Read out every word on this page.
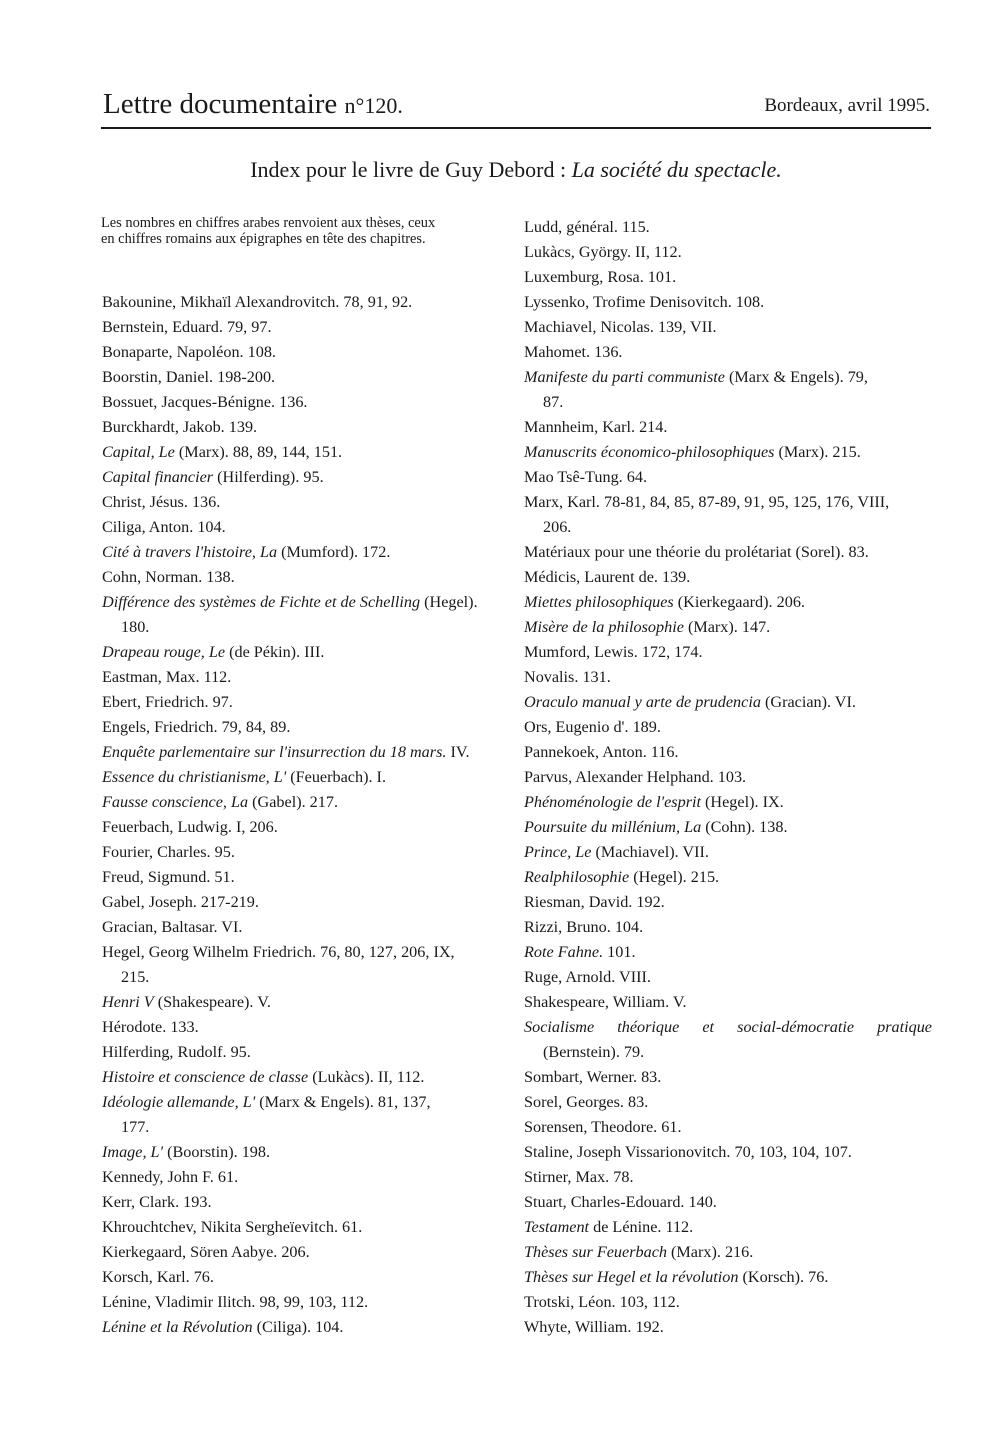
Lettre documentaire n°120.	Bordeaux, avril 1995.
Index pour le livre de Guy Debord : La société du spectacle.
Les nombres en chiffres arabes renvoient aux thèses, ceux
en chiffres romains aux épigraphes en tête des chapitres.
Bakounine, Mikhaïl Alexandrovitch. 78, 91, 92.
Bernstein, Eduard. 79, 97.
Bonaparte, Napoléon. 108.
Boorstin, Daniel. 198-200.
Bossuet, Jacques-Bénigne. 136.
Burckhardt, Jakob. 139.
Capital, Le (Marx). 88, 89, 144, 151.
Capital financier (Hilferding). 95.
Christ, Jésus. 136.
Ciliga, Anton. 104.
Cité à travers l'histoire, La (Mumford). 172.
Cohn, Norman. 138.
Différence des systèmes de Fichte et de Schelling (Hegel).
180.
Drapeau rouge, Le (de Pékin). III.
Eastman, Max. 112.
Ebert, Friedrich. 97.
Engels, Friedrich. 79, 84, 89.
Enquête parlementaire sur l'insurrection du 18 mars. IV.
Essence du christianisme, L' (Feuerbach). I.
Fausse conscience, La (Gabel). 217.
Feuerbach, Ludwig. I, 206.
Fourier, Charles. 95.
Freud, Sigmund. 51.
Gabel, Joseph. 217-219.
Gracian, Baltasar. VI.
Hegel, Georg Wilhelm Friedrich. 76, 80, 127, 206, IX,
215.
Henri V (Shakespeare). V.
Hérodote. 133.
Hilferding, Rudolf. 95.
Histoire et conscience de classe (Lukàcs). II, 112.
Idéologie allemande, L' (Marx & Engels). 81, 137,
177.
Image, L' (Boorstin). 198.
Kennedy, John F. 61.
Kerr, Clark. 193.
Khrouchtchev, Nikita Sergheïevitch. 61.
Kierkegaard, Sören Aabye. 206.
Korsch, Karl. 76.
Lénine, Vladimir Ilitch. 98, 99, 103, 112.
Lénine et la Révolution (Ciliga). 104.
Ludd, général. 115.
Lukàcs, György. II, 112.
Luxemburg, Rosa. 101.
Lyssenko, Trofime Denisovitch. 108.
Machiavel, Nicolas. 139, VII.
Mahomet. 136.
Manifeste du parti communiste (Marx & Engels). 79,
87.
Mannheim, Karl. 214.
Manuscrits économico-philosophiques (Marx). 215.
Mao Tsê-Tung. 64.
Marx, Karl. 78-81, 84, 85, 87-89, 91, 95, 125, 176, VIII,
206.
Matériaux pour une théorie du prolétariat (Sorel). 83.
Médicis, Laurent de. 139.
Miettes philosophiques (Kierkegaard). 206.
Misère de la philosophie (Marx). 147.
Mumford, Lewis. 172, 174.
Novalis. 131.
Oraculo manual y arte de prudencia (Gracian). VI.
Ors, Eugenio d'. 189.
Pannekoek, Anton. 116.
Parvus, Alexander Helphand. 103.
Phénoménologie de l'esprit (Hegel). IX.
Poursuite du millénium, La (Cohn). 138.
Prince, Le (Machiavel). VII.
Realphilosophie (Hegel). 215.
Riesman, David. 192.
Rizzi, Bruno. 104.
Rote Fahne. 101.
Ruge, Arnold. VIII.
Shakespeare, William. V.
Socialisme théorique et social-démocratie pratique
(Bernstein). 79.
Sombart, Werner. 83.
Sorel, Georges. 83.
Sorensen, Theodore. 61.
Staline, Joseph Vissarionovitch. 70, 103, 104, 107.
Stirner, Max. 78.
Stuart, Charles-Edouard. 140.
Testament de Lénine. 112.
Thèses sur Feuerbach (Marx). 216.
Thèses sur Hegel et la révolution (Korsch). 76.
Trotski, Léon. 103, 112.
Whyte, William. 192.
